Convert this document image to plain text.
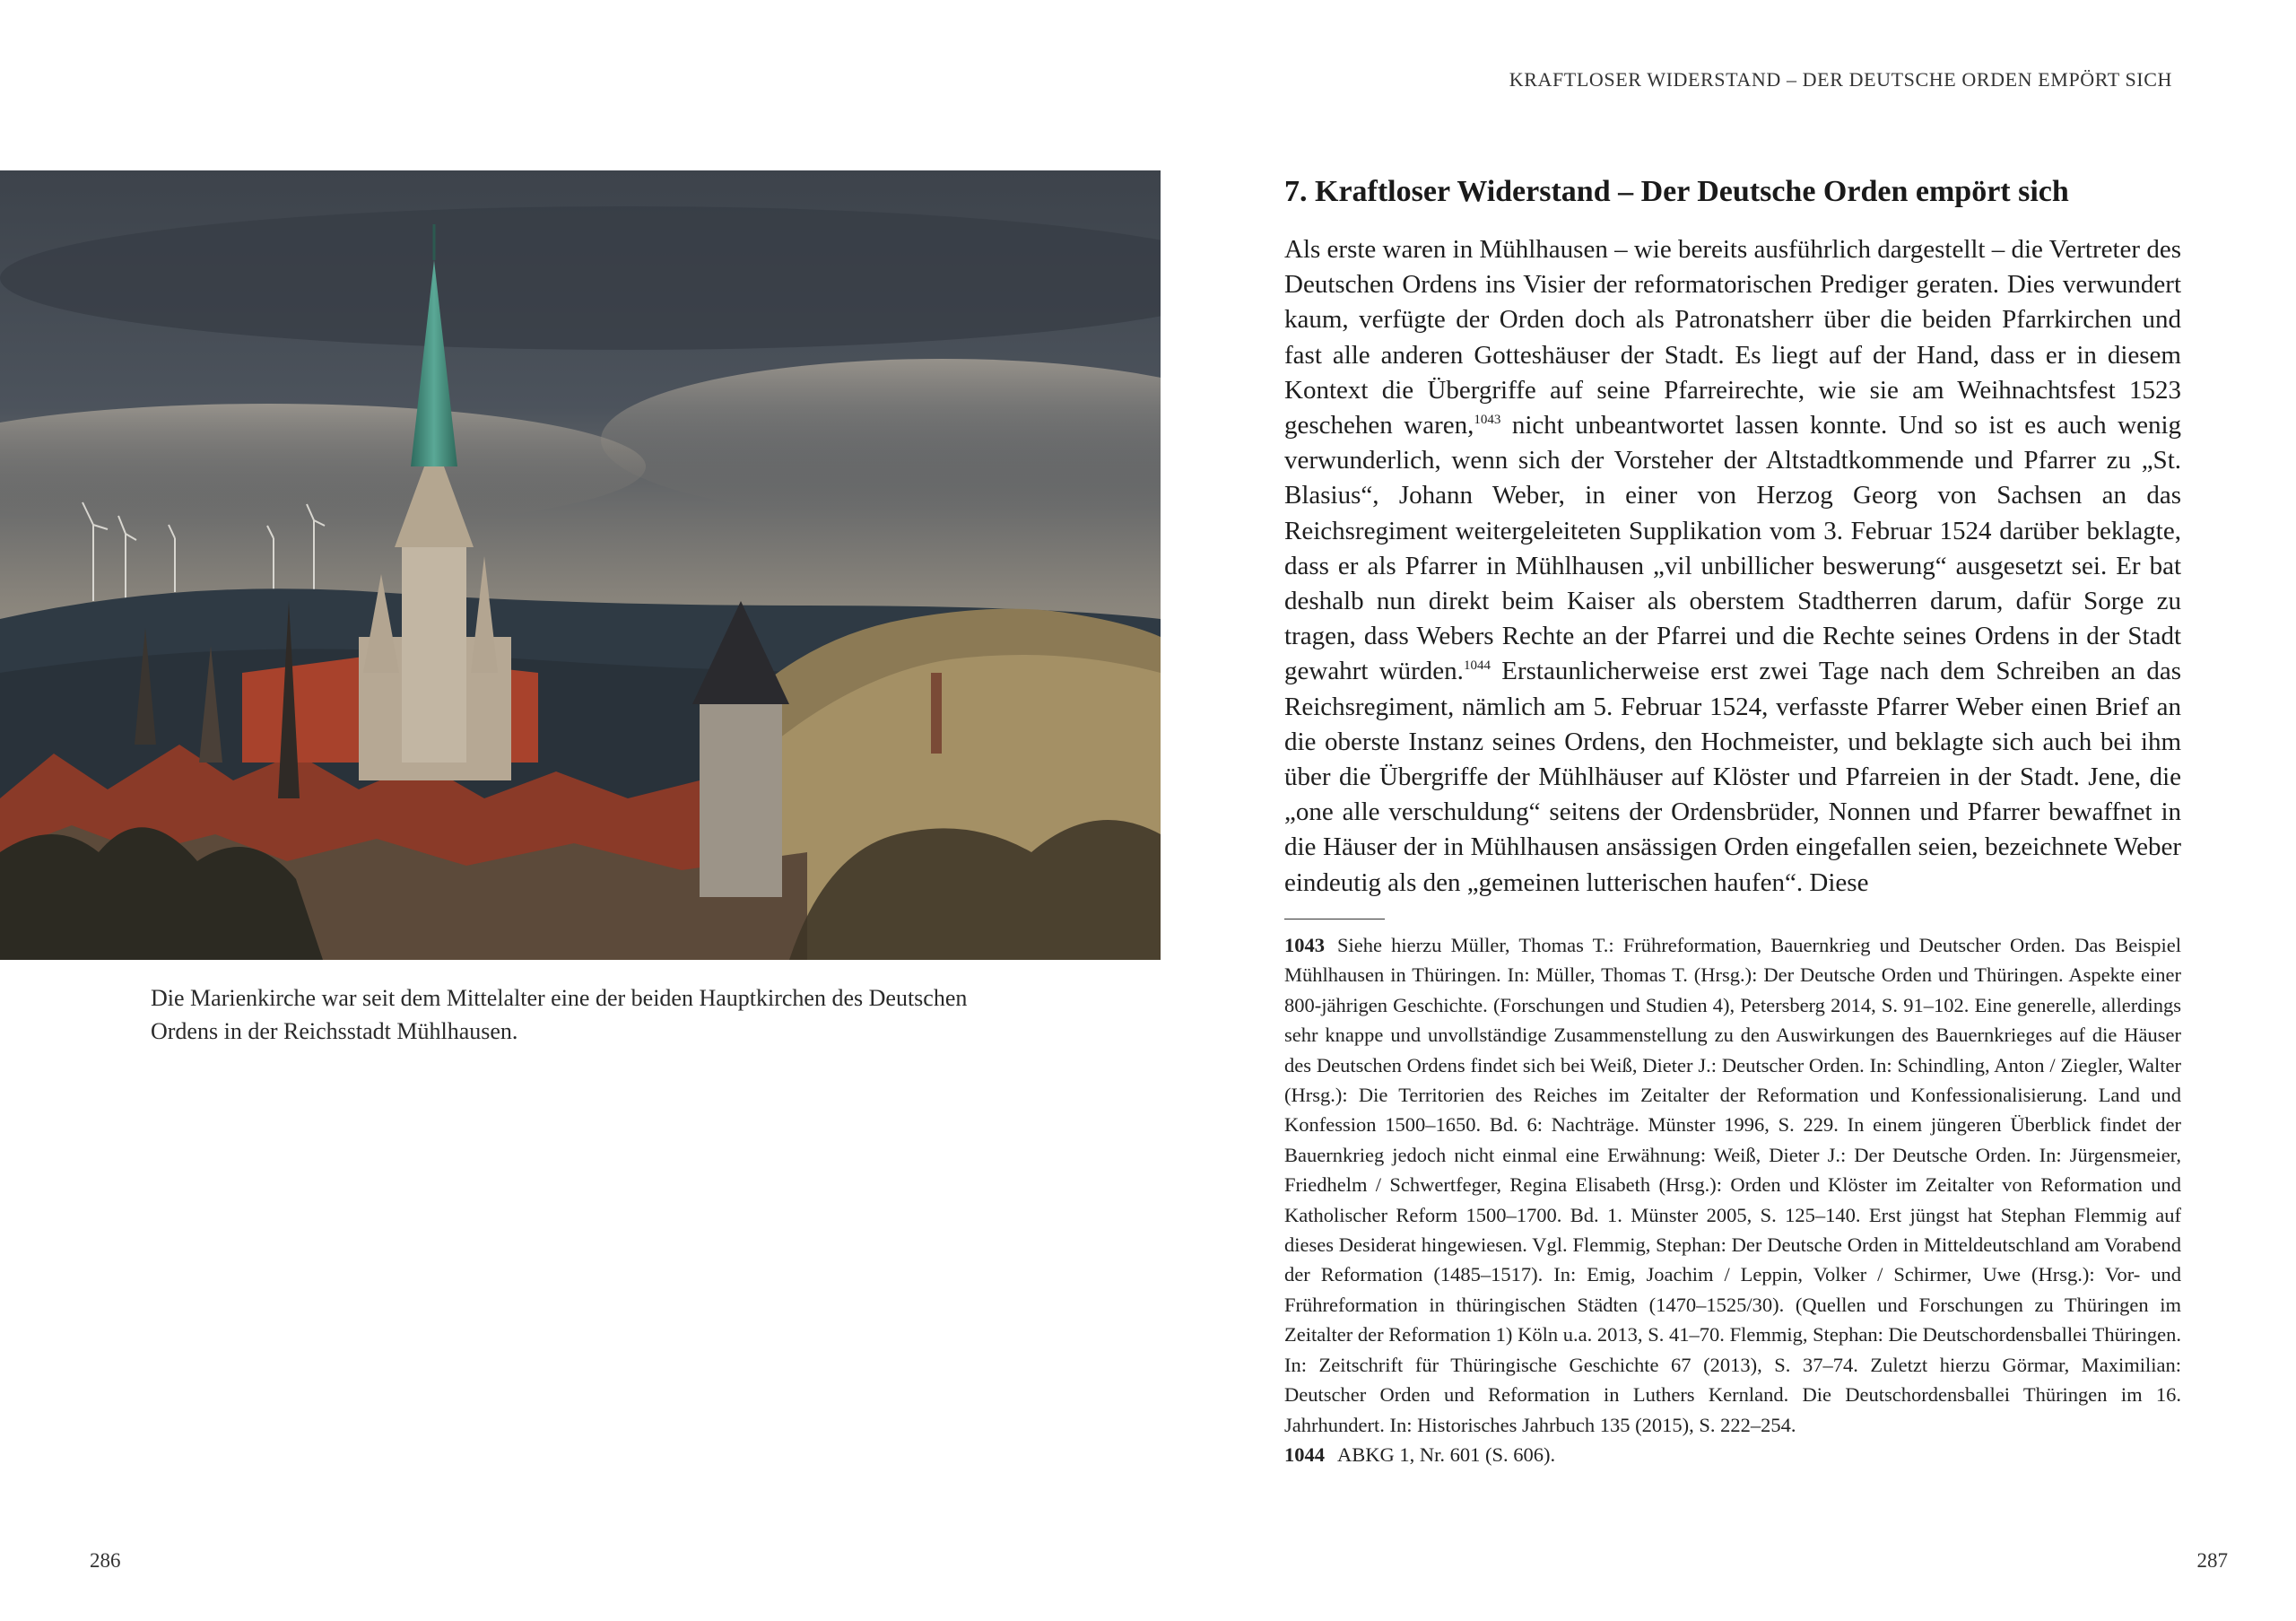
KRAFTLOSER WIDERSTAND – DER DEUTSCHE ORDEN EMPÖRT SICH
Die Marienkirche war seit dem Mittelalter eine der beiden Hauptkirchen des Deutschen Ordens in der Reichsstadt Mühlhausen.
7. Kraftloser Widerstand – Der Deutsche Orden empört sich
Als erste waren in Mühlhausen – wie bereits ausführlich dargestellt – die Vertreter des Deutschen Ordens ins Visier der reformatorischen Prediger geraten. Dies verwundert kaum, verfügte der Orden doch als Patronatsherr über die beiden Pfarrkirchen und fast alle anderen Gotteshäuser der Stadt. Es liegt auf der Hand, dass er in diesem Kontext die Übergriffe auf seine Pfarreirechte, wie sie am Weihnachtsfest 1523 geschehen waren,$^{1043}$ nicht unbeantwortet lassen konnte. Und so ist es auch wenig verwunderlich, wenn sich der Vorsteher der Altstadtkommende und Pfarrer zu „St. Blasius“, Johann Weber, in einer von Herzog Georg von Sachsen an das Reichsregiment weitergeleiteten Supplikation vom 3. Februar 1524 darüber beklagte, dass er als Pfarrer in Mühlhausen „vil unbillicher beswerung“ ausgesetzt sei. Er bat deshalb nun direkt beim Kaiser als oberstem Stadtherren darum, dafür Sorge zu tragen, dass Webers Rechte an der Pfarrei und die Rechte seines Ordens in der Stadt gewahrt würden.$^{1044}$ Erstaunlicherweise erst zwei Tage nach dem Schreiben an das Reichsregiment, nämlich am 5. Februar 1524, verfasste Pfarrer Weber einen Brief an die oberste Instanz seines Ordens, den Hochmeister, und beklagte sich auch bei ihm über die Übergriffe der Mühlhäuser auf Klöster und Pfarreien in der Stadt. Jene, die „one alle verschuldung“ seitens der Ordensbrüder, Nonnen und Pfarrer bewaffnet in die Häuser der in Mühlhausen ansässigen Orden eingefallen seien, bezeichnete Weber eindeutig als den „gemeinen lutterischen haufen“. Diese
1043 Siehe hierzu Müller, Thomas T.: Frühreformation, Bauernkrieg und Deutscher Orden. Das Beispiel Mühlhausen in Thüringen. In: Müller, Thomas T. (Hrsg.): Der Deutsche Orden und Thüringen. Aspekte einer 800-jährigen Geschichte. (Forschungen und Studien 4), Petersberg 2014, S. 91–102. Eine generelle, allerdings sehr knappe und unvollständige Zusammenstellung zu den Auswirkungen des Bauernkrieges auf die Häuser des Deutschen Ordens findet sich bei Weiß, Dieter J.: Deutscher Orden. In: Schindling, Anton / Ziegler, Walter (Hrsg.): Die Territorien des Reiches im Zeitalter der Reformation und Konfessionalisierung. Land und Konfession 1500–1650. Bd. 6: Nachträge. Münster 1996, S. 229. In einem jüngeren Überblick findet der Bauernkrieg jedoch nicht einmal eine Erwähnung: Weiß, Dieter J.: Der Deutsche Orden. In: Jürgensmeier, Friedhelm / Schwertfeger, Regina Elisabeth (Hrsg.): Orden und Klöster im Zeitalter von Reformation und Katholischer Reform 1500–1700. Bd. 1. Münster 2005, S. 125–140. Erst jüngst hat Stephan Flemmig auf dieses Desiderat hingewiesen. Vgl. Flemmig, Stephan: Der Deutsche Orden in Mitteldeutschland am Vorabend der Reformation (1485–1517). In: Emig, Joachim / Leppin, Volker / Schirmer, Uwe (Hrsg.): Vor- und Frühreformation in thüringischen Städten (1470–1525/30). (Quellen und Forschungen zu Thüringen im Zeitalter der Reformation 1) Köln u.a. 2013, S. 41–70. Flemmig, Stephan: Die Deutschordensballei Thüringen. In: Zeitschrift für Thüringische Geschichte 67 (2013), S. 37–74. Zuletzt hierzu Görmar, Maximilian: Deutscher Orden und Reformation in Luthers Kernland. Die Deutschordensballei Thüringen im 16. Jahrhundert. In: Historisches Jahrbuch 135 (2015), S. 222–254.
1044 ABKG 1, Nr. 601 (S. 606).
286	287
